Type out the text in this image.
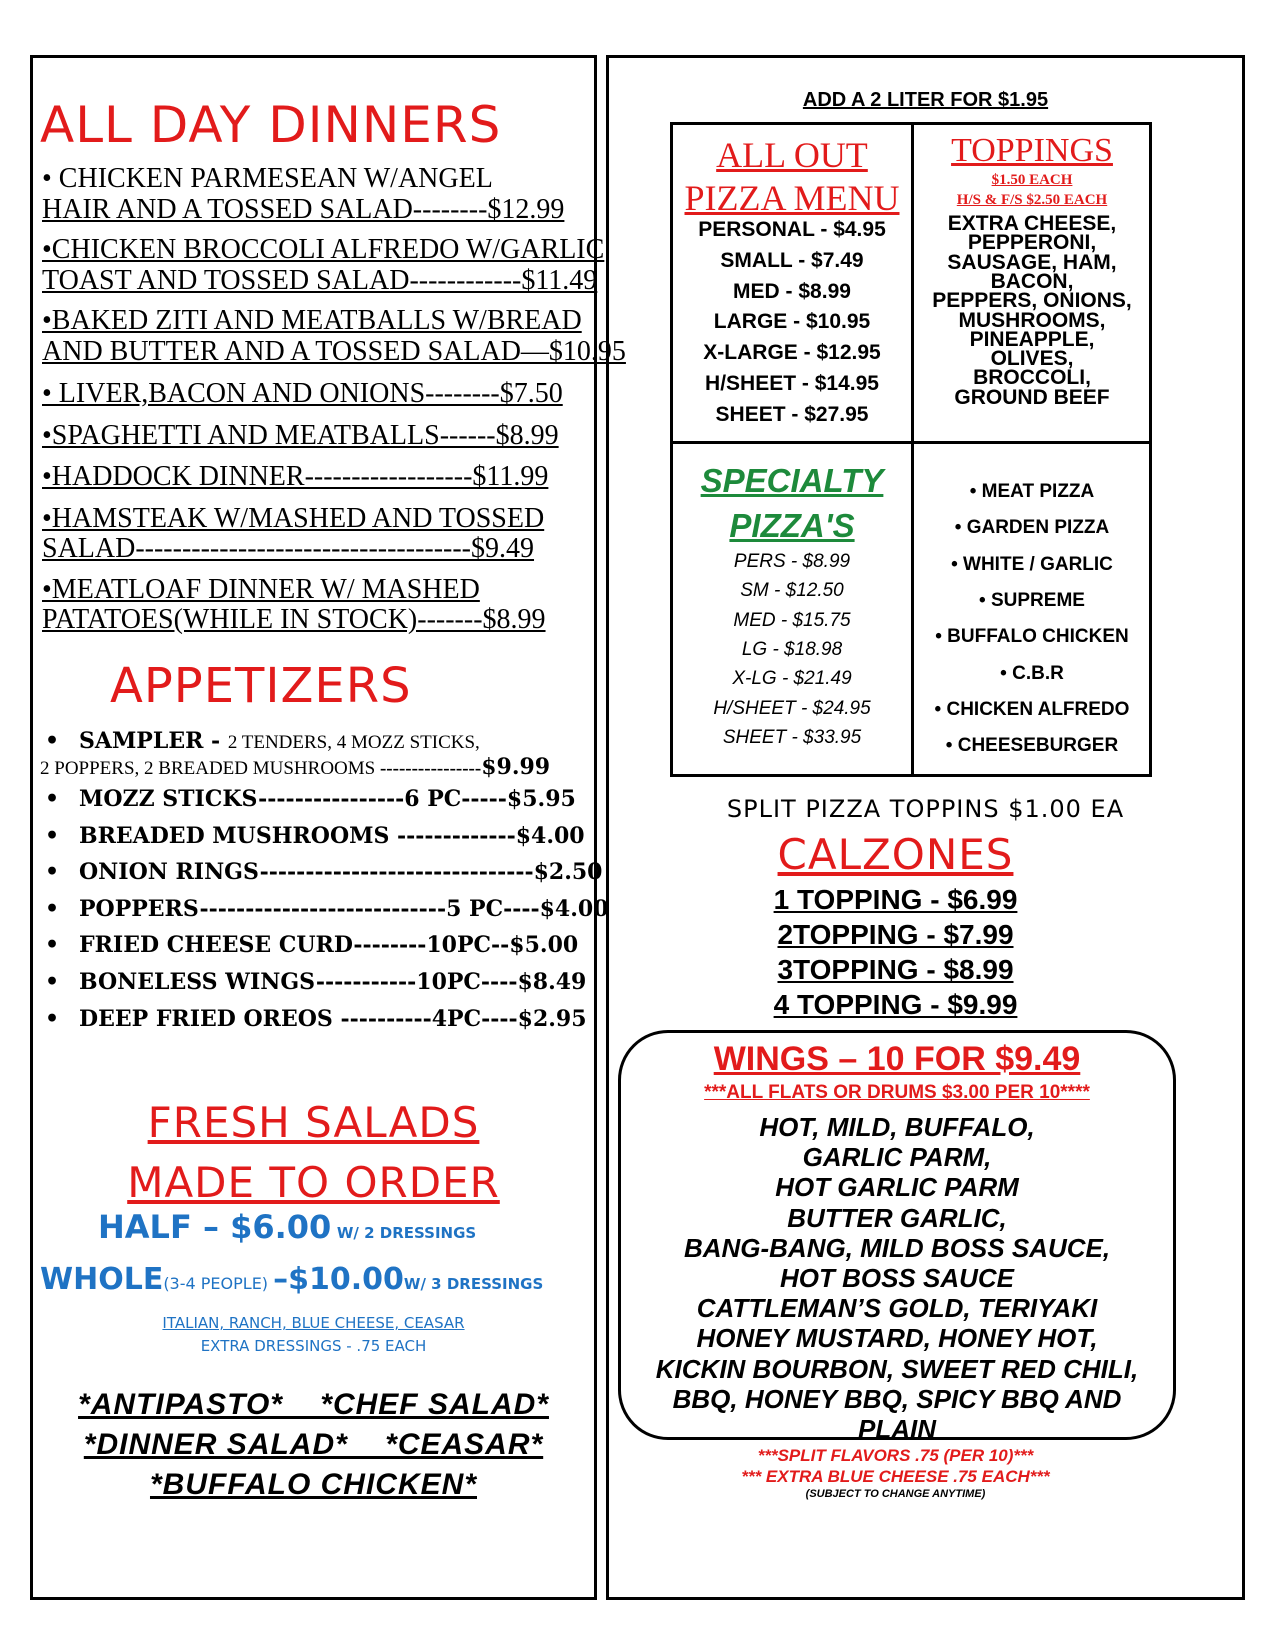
ALL DAY DINNERS
• CHICKEN PARMESEAN W/ANGEL
HAIR AND A TOSSED SALAD--------$12.99
•CHICKEN BROCCOLI ALFREDO W/GARLIC
TOAST AND TOSSED SALAD------------$11.49
•BAKED ZITI AND MEATBALLS W/BREAD
AND BUTTER AND A TOSSED SALAD—$10.95
• LIVER,BACON AND ONIONS--------$7.50
•SPAGHETTI AND MEATBALLS------$8.99
•HADDOCK DINNER------------------$11.99
•HAMSTEAK W/MASHED AND TOSSED
SALAD------------------------------------$9.49
•MEATLOAF DINNER W/ MASHED
PATATOES(WHILE IN STOCK)-------$8.99
APPETIZERS
• SAMPLER - 2 TENDERS, 4 MOZZ STICKS,
2 POPPERS, 2 BREADED MUSHROOMS ----------------$9.99
• MOZZ STICKS----------------6 PC-----$5.95
• BREADED MUSHROOMS -------------$4.00
• ONION RINGS------------------------------$2.50
• POPPERS---------------------------5 PC----$4.00
• FRIED CHEESE CURD--------10PC--$5.00
• BONELESS WINGS-----------10PC----$8.49
• DEEP FRIED OREOS ----------4PC----$2.95
FRESH SALADS
MADE TO ORDER
HALF – $6.00 W/ 2 DRESSINGS
WHOLE(3-4 PEOPLE) –$10.00W/ 3 DRESSINGS
ITALIAN, RANCH, BLUE CHEESE, CEASAR
EXTRA DRESSINGS - .75 EACH
*ANTIPASTO*    *CHEF SALAD*
*DINNER SALAD*    *CEASAR*
*BUFFALO CHICKEN*
ADD A 2 LITER FOR $1.95
ALL OUT
PIZZA MENU
PERSONAL - $4.95
SMALL - $7.49
MED - $8.99
LARGE - $10.95
X-LARGE - $12.95
H/SHEET - $14.95
SHEET - $27.95
TOPPINGS
$1.50 EACH
H/S & F/S $2.50 EACH
EXTRA CHEESE,
PEPPERONI,
SAUSAGE, HAM,
BACON,
PEPPERS, ONIONS,
MUSHROOMS,
PINEAPPLE,
OLIVES,
BROCCOLI,
GROUND BEEF
SPECIALTY
PIZZA'S
PERS - $8.99
SM - $12.50
MED - $15.75
LG - $18.98
X-LG - $21.49
H/SHEET - $24.95
SHEET - $33.95
• MEAT PIZZA
• GARDEN PIZZA
• WHITE / GARLIC
• SUPREME
• BUFFALO CHICKEN
• C.B.R
• CHICKEN ALFREDO
• CHEESEBURGER
SPLIT PIZZA TOPPINS $1.00 EA
CALZONES
1 TOPPING - $6.99
2TOPPING - $7.99
3TOPPING - $8.99
4 TOPPING - $9.99
WINGS – 10 FOR $9.49
***ALL FLATS OR DRUMS $3.00 PER 10****
HOT, MILD, BUFFALO,
GARLIC PARM,
HOT GARLIC PARM
BUTTER GARLIC,
BANG-BANG, MILD BOSS SAUCE,
HOT BOSS SAUCE
CATTLEMAN’S GOLD, TERIYAKI
HONEY MUSTARD, HONEY HOT,
KICKIN BOURBON, SWEET RED CHILI,
BBQ, HONEY BBQ, SPICY BBQ AND
PLAIN
***SPLIT FLAVORS .75 (PER 10)***
*** EXTRA BLUE CHEESE .75 EACH***
(SUBJECT TO CHANGE ANYTIME)
